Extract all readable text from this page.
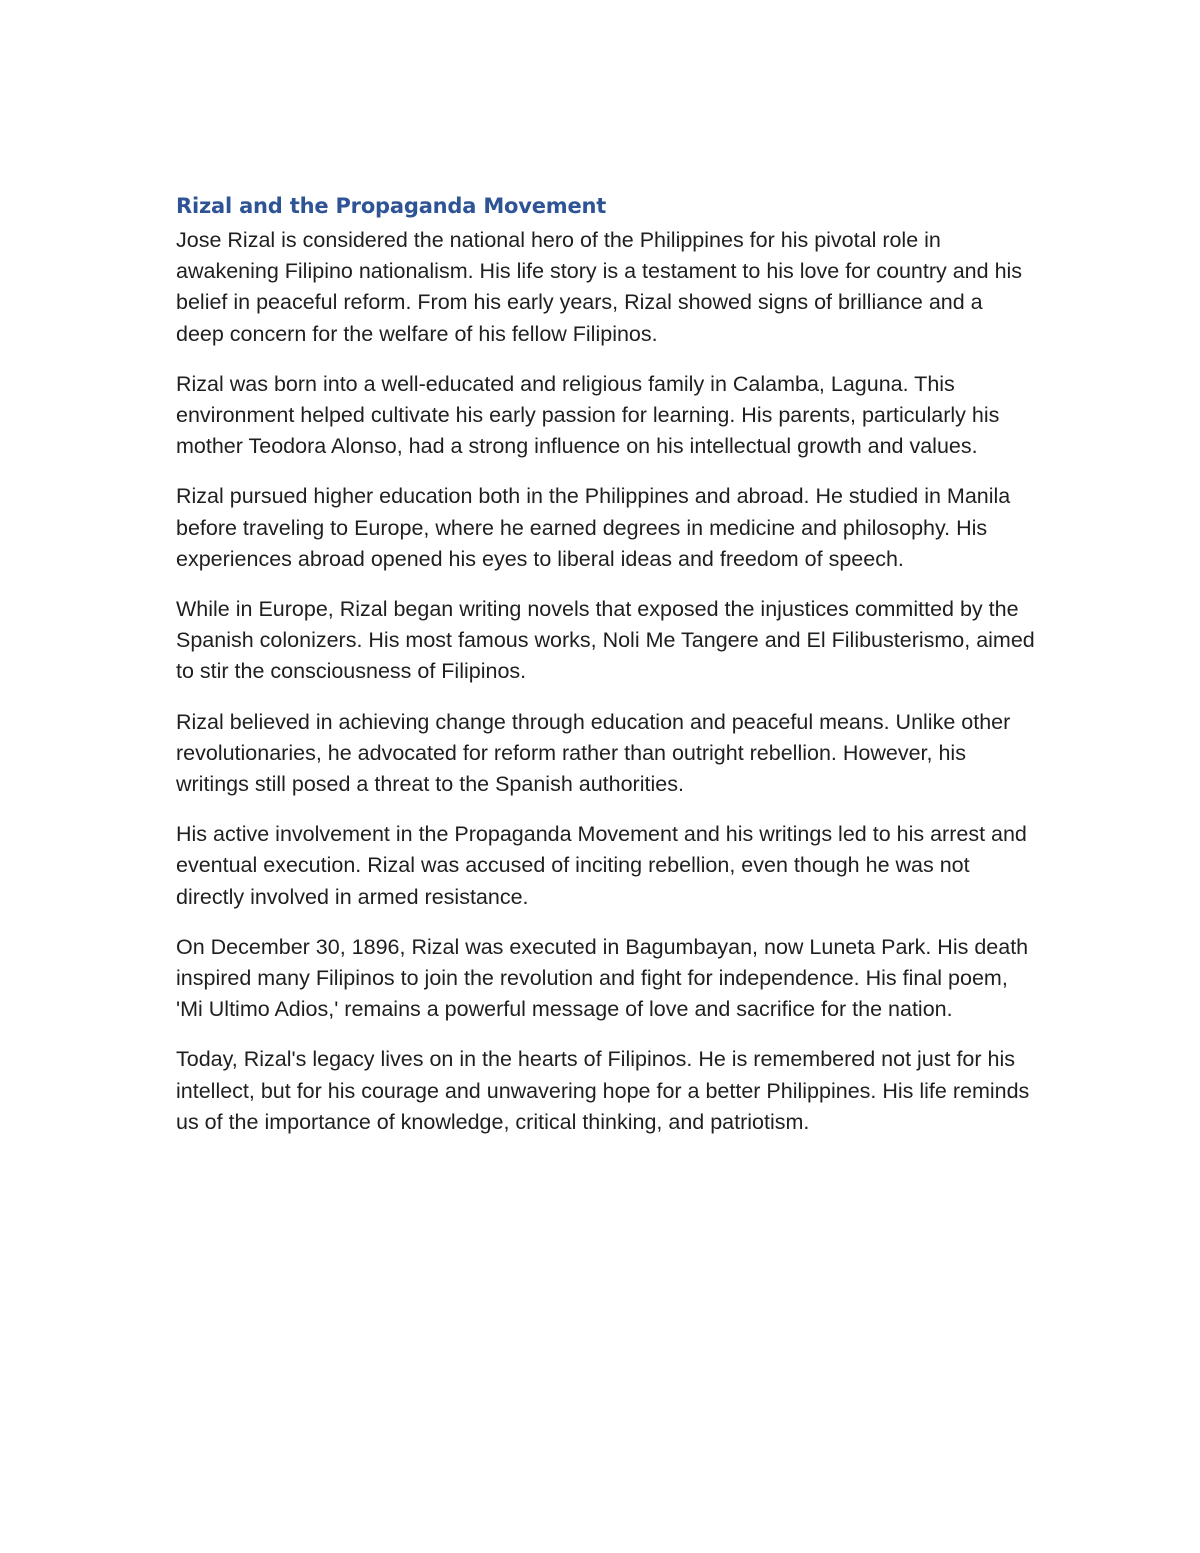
Rizal and the Propaganda Movement

Jose Rizal is considered the national hero of the Philippines for his pivotal role in awakening Filipino nationalism. His life story is a testament to his love for country and his belief in peaceful reform. From his early years, Rizal showed signs of brilliance and a deep concern for the welfare of his fellow Filipinos.

Rizal was born into a well-educated and religious family in Calamba, Laguna. This environment helped cultivate his early passion for learning. His parents, particularly his mother Teodora Alonso, had a strong influence on his intellectual growth and values.

Rizal pursued higher education both in the Philippines and abroad. He studied in Manila before traveling to Europe, where he earned degrees in medicine and philosophy. His experiences abroad opened his eyes to liberal ideas and freedom of speech.

While in Europe, Rizal began writing novels that exposed the injustices committed by the Spanish colonizers. His most famous works, Noli Me Tangere and El Filibusterismo, aimed to stir the consciousness of Filipinos.

Rizal believed in achieving change through education and peaceful means. Unlike other revolutionaries, he advocated for reform rather than outright rebellion. However, his writings still posed a threat to the Spanish authorities.

His active involvement in the Propaganda Movement and his writings led to his arrest and eventual execution. Rizal was accused of inciting rebellion, even though he was not directly involved in armed resistance.

On December 30, 1896, Rizal was executed in Bagumbayan, now Luneta Park. His death inspired many Filipinos to join the revolution and fight for independence. His final poem, 'Mi Ultimo Adios,' remains a powerful message of love and sacrifice for the nation.

Today, Rizal's legacy lives on in the hearts of Filipinos. He is remembered not just for his intellect, but for his courage and unwavering hope for a better Philippines. His life reminds us of the importance of knowledge, critical thinking, and patriotism.
